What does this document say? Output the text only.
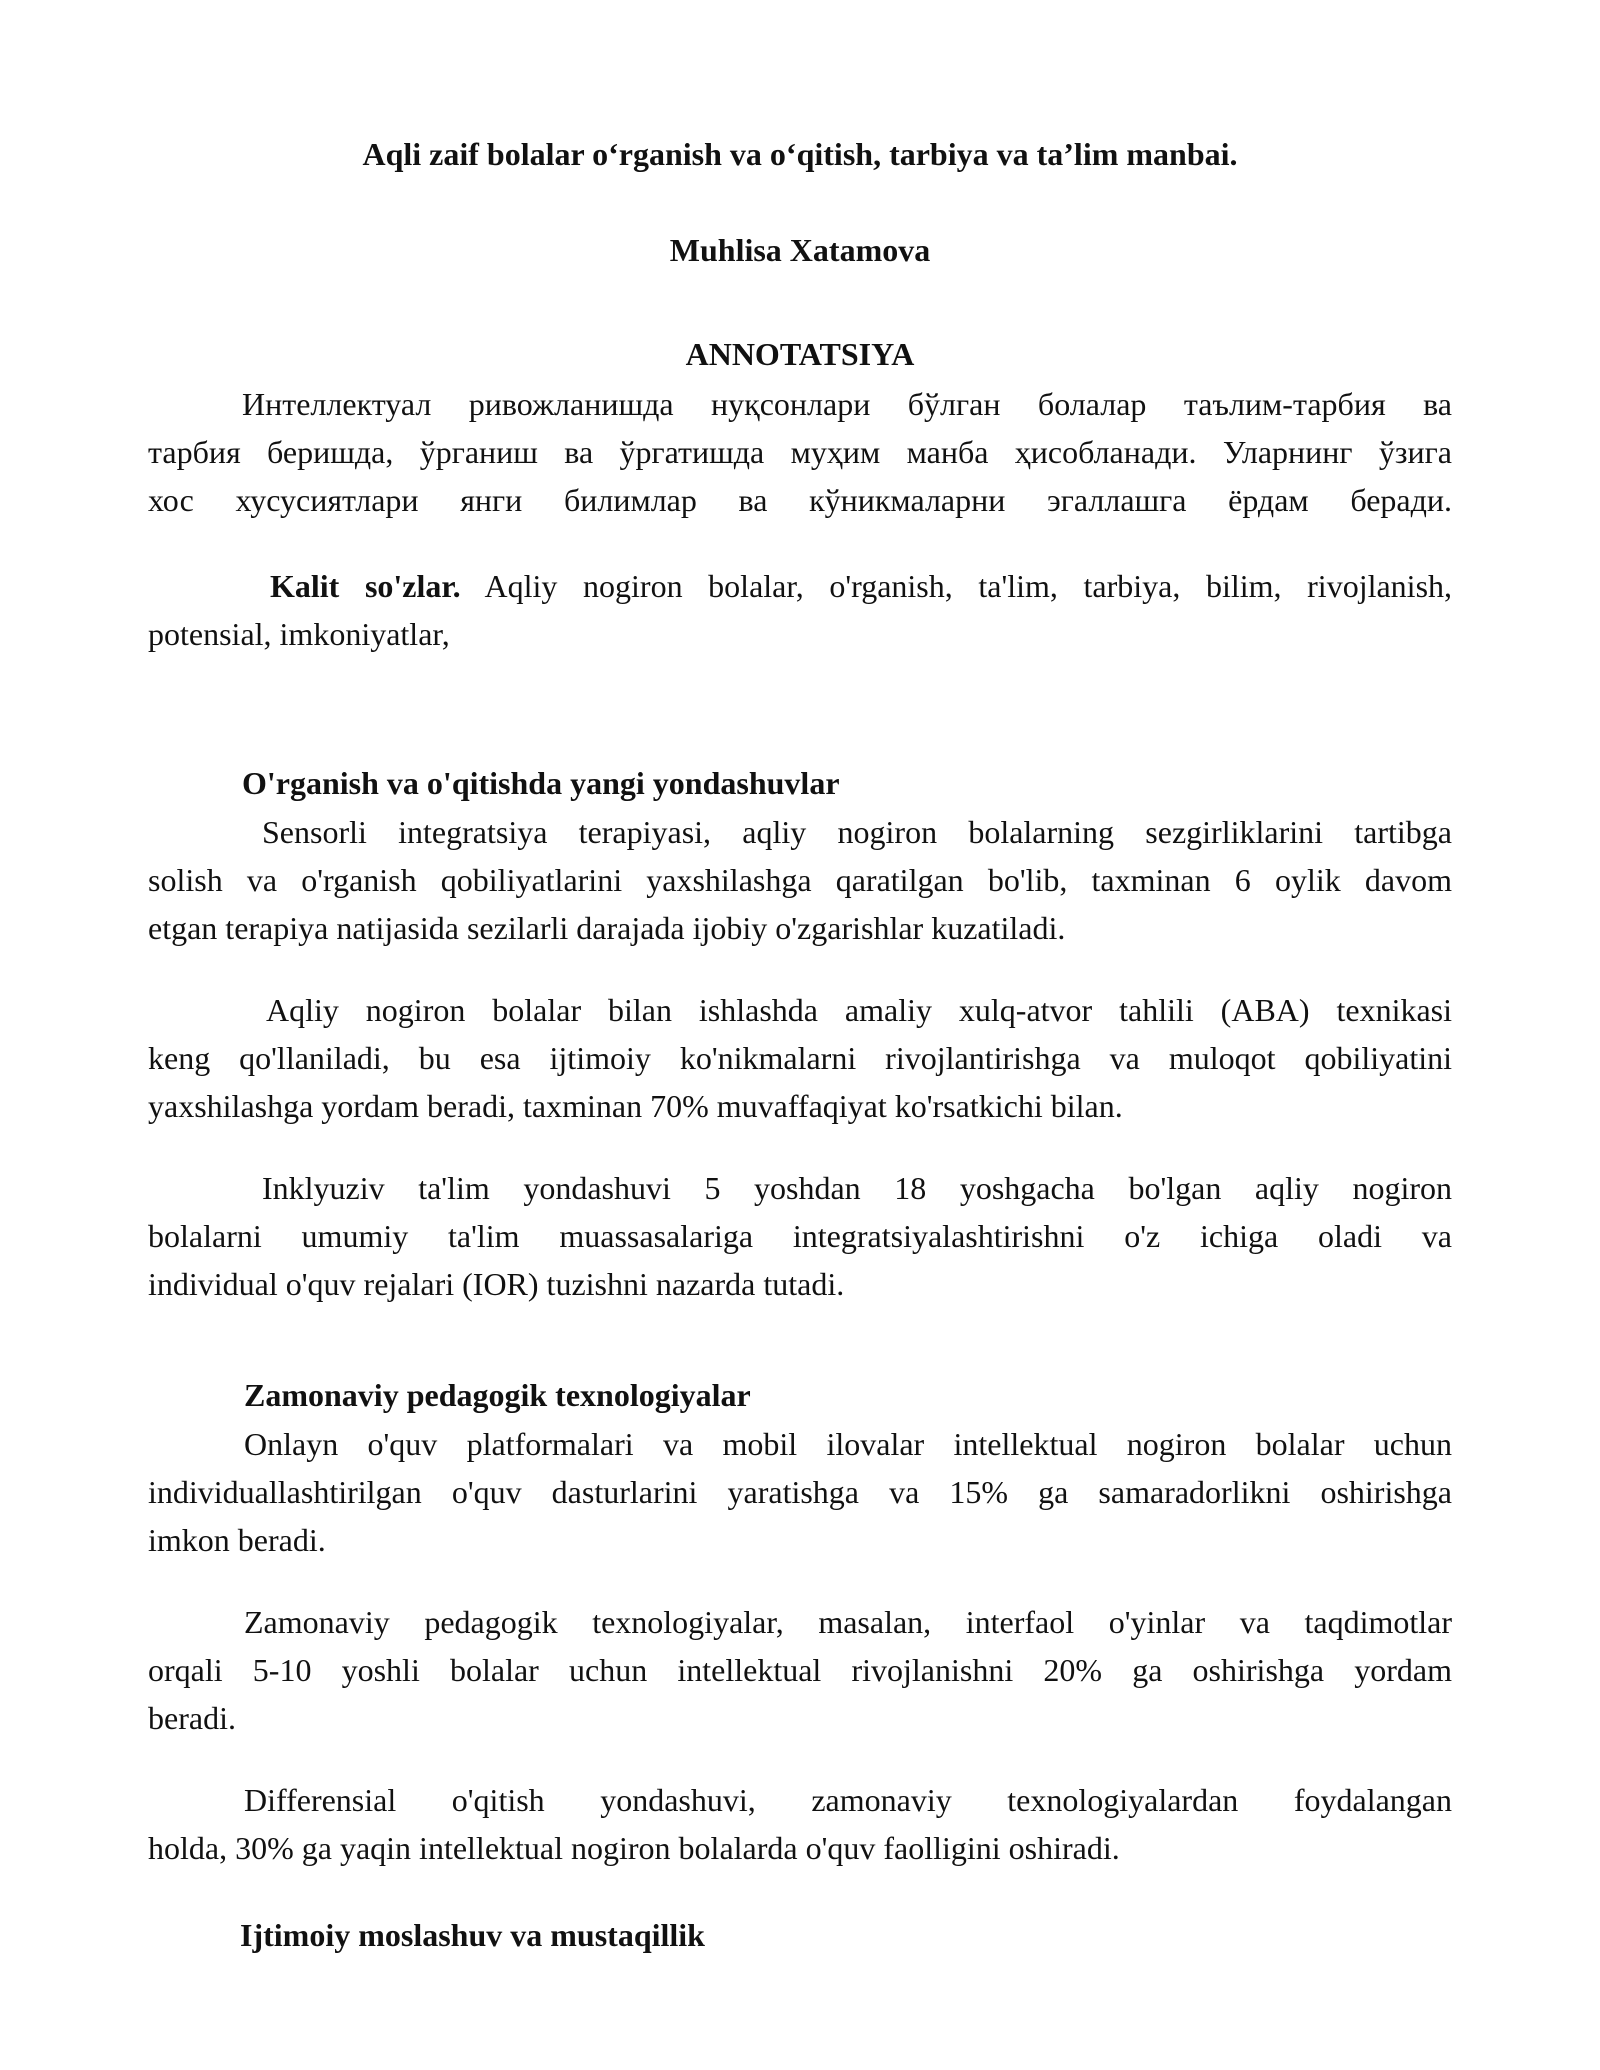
Aqli zaif bolalar o‘rganish va o‘qitish, tarbiya va ta’lim manbai.
Muhlisa Xatamova
ANNOTATSIYA
Интеллектуал ривожланишда нуқсонлари бўлган болалар таълим-тарбия ва
тарбия беришда, ўрганиш ва ўргатишда муҳим манба ҳисобланади. Уларнинг ўзига
хос хусусиятлари янги билимлар ва кўникмаларни эгаллашга ёрдам беради.
Kalit so'zlar. Aqliy nogiron bolalar, o'rganish, ta'lim, tarbiya, bilim, rivojlanish,
potensial, imkoniyatlar,
O'rganish va o'qitishda yangi yondashuvlar
Sensorli integratsiya terapiyasi, aqliy nogiron bolalarning sezgirliklarini tartibga
solish va o'rganish qobiliyatlarini yaxshilashga qaratilgan bo'lib, taxminan 6 oylik davom
etgan terapiya natijasida sezilarli darajada ijobiy o'zgarishlar kuzatiladi.
Aqliy nogiron bolalar bilan ishlashda amaliy xulq-atvor tahlili (ABA) texnikasi
keng qo'llaniladi, bu esa ijtimoiy ko'nikmalarni rivojlantirishga va muloqot qobiliyatini
yaxshilashga yordam beradi, taxminan 70% muvaffaqiyat ko'rsatkichi bilan.
Inklyuziv ta'lim yondashuvi 5 yoshdan 18 yoshgacha bo'lgan aqliy nogiron
bolalarni umumiy ta'lim muassasalariga integratsiyalashtirishni o'z ichiga oladi va
individual o'quv rejalari (IOR) tuzishni nazarda tutadi.
Zamonaviy pedagogik texnologiyalar
Onlayn o'quv platformalari va mobil ilovalar intellektual nogiron bolalar uchun
individuallashtirilgan o'quv dasturlarini yaratishga va 15% ga samaradorlikni oshirishga
imkon beradi.
Zamonaviy pedagogik texnologiyalar, masalan, interfaol o'yinlar va taqdimotlar
orqali 5-10 yoshli bolalar uchun intellektual rivojlanishni 20% ga oshirishga yordam
beradi.
Differensial o'qitish yondashuvi, zamonaviy texnologiyalardan foydalangan
holda, 30% ga yaqin intellektual nogiron bolalarda o'quv faolligini oshiradi.
Ijtimoiy moslashuv va mustaqillik
